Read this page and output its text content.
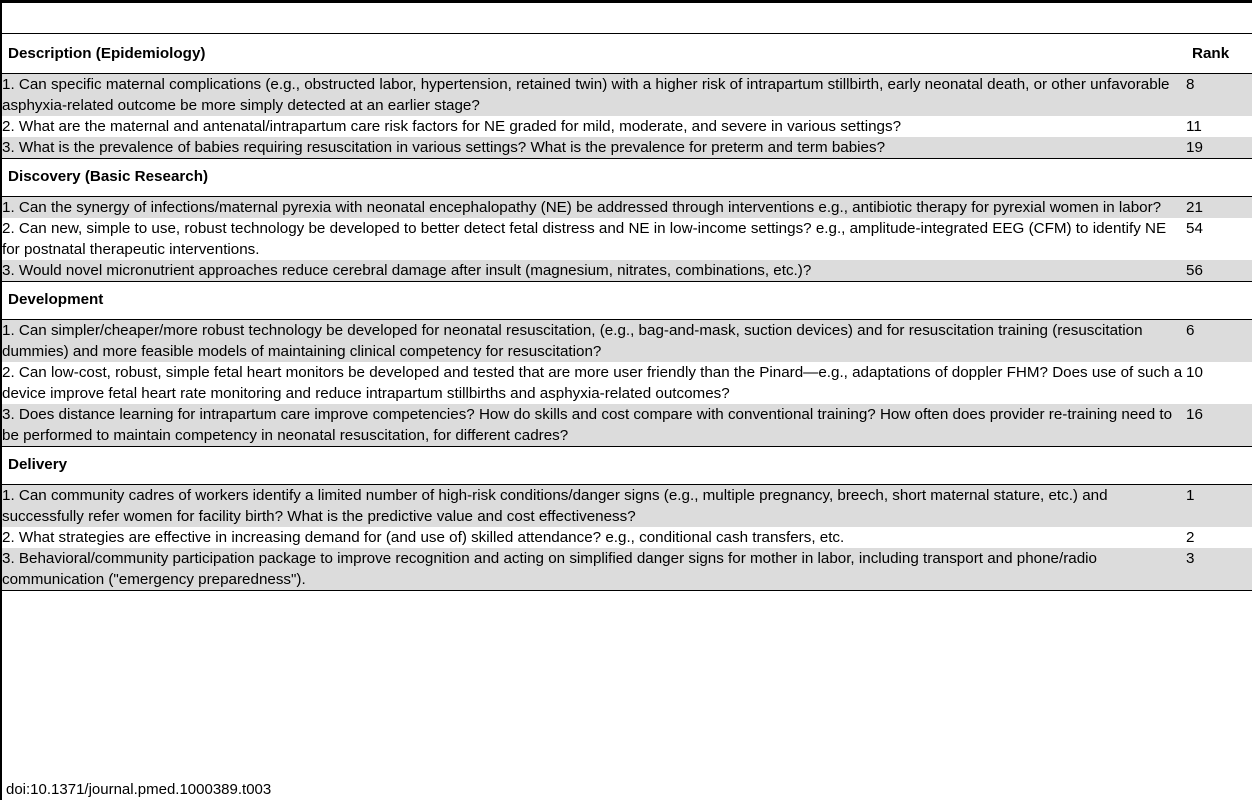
Description (Epidemiology)	Rank
1. Can specific maternal complications (e.g., obstructed labor, hypertension, retained twin) with a higher risk of intrapartum stillbirth, early neonatal death, or other unfavorable asphyxia-related outcome be more simply detected at an earlier stage?	8
2. What are the maternal and antenatal/intrapartum care risk factors for NE graded for mild, moderate, and severe in various settings?	11
3. What is the prevalence of babies requiring resuscitation in various settings? What is the prevalence for preterm and term babies?	19
Discovery (Basic Research)	
1. Can the synergy of infections/maternal pyrexia with neonatal encephalopathy (NE) be addressed through interventions e.g., antibiotic therapy for pyrexial women in labor?	21
2. Can new, simple to use, robust technology be developed to better detect fetal distress and NE in low-income settings? e.g., amplitude-integrated EEG (CFM) to identify NE for postnatal therapeutic interventions.	54
3. Would novel micronutrient approaches reduce cerebral damage after insult (magnesium, nitrates, combinations, etc.)?	56
Development	
1. Can simpler/cheaper/more robust technology be developed for neonatal resuscitation, (e.g., bag-and-mask, suction devices) and for resuscitation training (resuscitation dummies) and more feasible models of maintaining clinical competency for resuscitation?	6
2. Can low-cost, robust, simple fetal heart monitors be developed and tested that are more user friendly than the Pinard—e.g., adaptations of doppler FHM? Does use of such a device improve fetal heart rate monitoring and reduce intrapartum stillbirths and asphyxia-related outcomes?	10
3. Does distance learning for intrapartum care improve competencies? How do skills and cost compare with conventional training? How often does provider re-training need to be performed to maintain competency in neonatal resuscitation, for different cadres?	16
Delivery	
1. Can community cadres of workers identify a limited number of high-risk conditions/danger signs (e.g., multiple pregnancy, breech, short maternal stature, etc.) and successfully refer women for facility birth? What is the predictive value and cost effectiveness?	1
2. What strategies are effective in increasing demand for (and use of) skilled attendance? e.g., conditional cash transfers, etc.	2
3. Behavioral/community participation package to improve recognition and acting on simplified danger signs for mother in labor, including transport and phone/radio communication ("emergency preparedness").	3
doi:10.1371/journal.pmed.1000389.t003
